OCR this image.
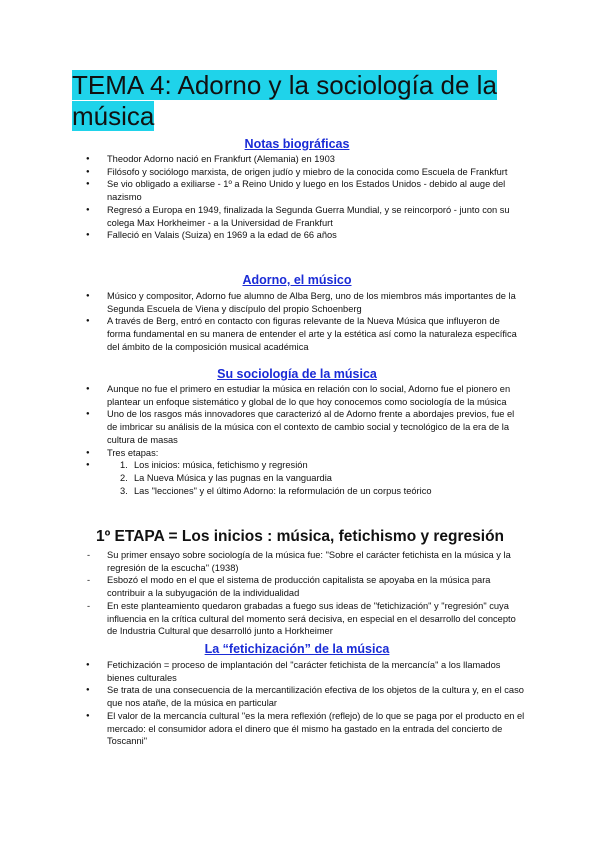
TEMA 4: Adorno y la sociología de la música
Notas biográficas
● Theodor Adorno nació en Frankfurt (Alemania) en 1903
● Filósofo y sociólogo marxista, de origen judío y miebro de la conocida como Escuela de Frankfurt
● Se vio obligado a exiliarse - 1º a Reino Unido y luego en los Estados Unidos - debido al auge del nazismo
● Regresó a Europa en 1949, finalizada la Segunda Guerra Mundial, y se reincorporó - junto con su colega Max Horkheimer - a la Universidad de Frankfurt
● Falleció en Valais (Suiza) en 1969 a la edad de 66 años
Adorno, el músico
● Músico y compositor, Adorno fue alumno de Alba Berg, uno de los miembros más importantes de la Segunda Escuela de Viena y discípulo del propio Schoenberg
● A través de Berg, entró en contacto con figuras relevante de la Nueva Música que influyeron de forma fundamental en su manera de entender el arte y la estética así como la naturaleza específica del ámbito de la composición musical académica
Su sociología de la música
● Aunque no fue el primero en estudiar la música en relación con lo social, Adorno fue el pionero en plantear un enfoque sistemático y global de lo que hoy conocemos como sociología de la música
● Uno de los rasgos más innovadores que caracterizó al de Adorno frente a abordajes previos, fue el de imbricar su análisis de la música con el contexto de cambio social y tecnológico de la era de la cultura de masas
● Tres etapas:
● 1. Los inicios: música, fetichismo y regresión
2. La Nueva Música y las pugnas en la vanguardia
3. Las "lecciones" y el último Adorno: la reformulación de un corpus teórico
1º ETAPA = Los inicios : música, fetichismo y regresión
- Su primer ensayo sobre sociología de la música fue: "Sobre el carácter fetichista en la música y la regresión de la escucha" (1938)
- Esbozó el modo en el que el sistema de producción capitalista se apoyaba en la música para contribuir a la subyugación de la individualidad
- En este planteamiento quedaron grabadas a fuego sus ideas de "fetichización" y "regresión" cuya influencia en la crítica cultural del momento será decisiva, en especial en el desarrollo del concepto de Industria Cultural que desarrolló junto a Horkheimer
La “fetichización” de la música
● Fetichización = proceso de implantación del "carácter fetichista de la mercancía" a los llamados bienes culturales
● Se trata de una consecuencia de la mercantilización efectiva de los objetos de la cultura y, en el caso que nos atañe, de la música en particular
● El valor de la mercancía cultural "es la mera reflexión (reflejo) de lo que se paga por el producto en el mercado: el consumidor adora el dinero que él mismo ha gastado en la entrada del concierto de Toscanni"
